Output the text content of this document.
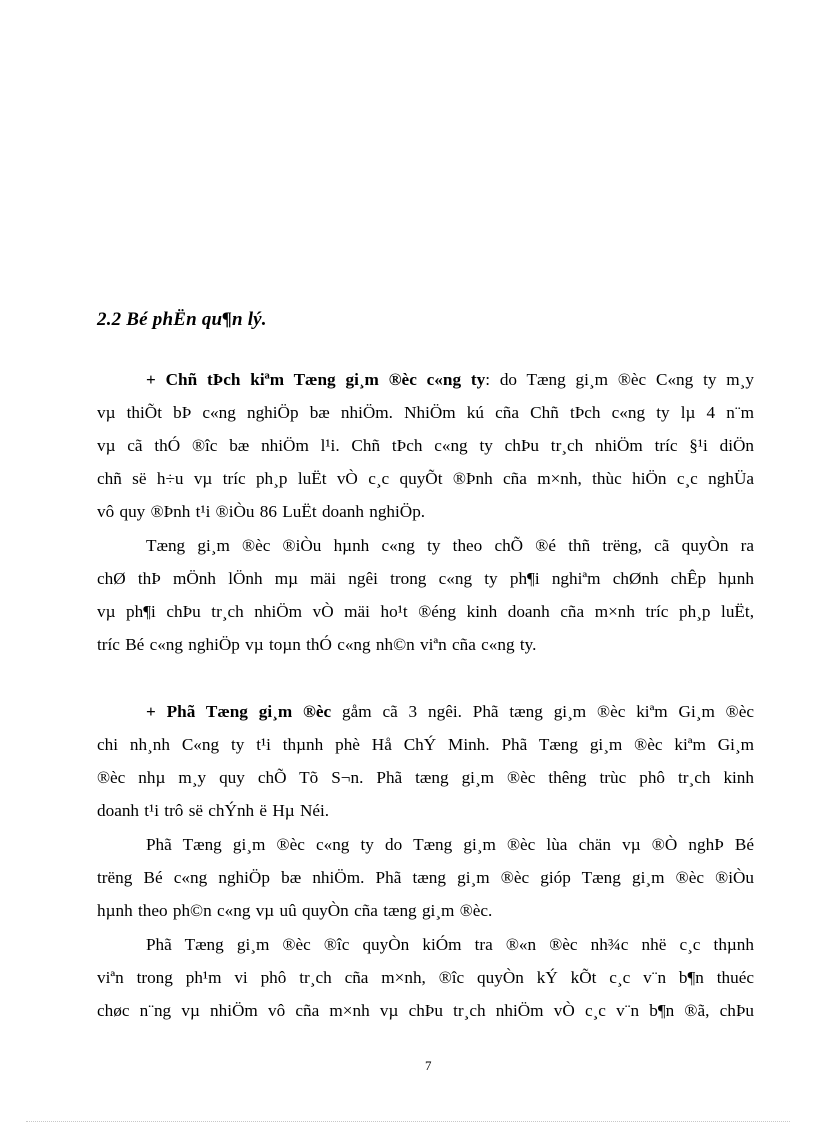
2.2 Bé phËn qu¶n lý.
+ Chñ tÞch kiªm Tæng gi¸m ®èc c«ng ty: do Tæng gi¸m ®èc C«ng ty m¸y
vµ thiÕt bÞ c«ng nghiÖp bæ nhiÖm. NhiÖm kú cña Chñ tÞch c«ng ty lµ 4 n¨m
vµ cã thÓ ®îc bæ nhiÖm l¹i. Chñ tÞch c«ng ty chÞu tr¸ch nhiÖm tríc §¹i diÖn
chñ së h÷u vµ tríc ph¸p luËt vÒ c¸c quyÕt ®Þnh cña m×nh, thùc hiÖn c¸c nghÜa
vô quy ®Þnh t¹i ®iÒu 86 LuËt doanh nghiÖp.
Tæng gi¸m ®èc ®iÒu hµnh c«ng ty theo chÕ ®é thñ trëng, cã quyÒn ra
chØ thÞ mÖnh lÖnh mµ mäi ngêi trong c«ng ty ph¶i nghiªm chØnh chÊp hµnh
vµ ph¶i chÞu tr¸ch nhiÖm vÒ mäi ho¹t ®éng kinh doanh cña m×nh tríc ph¸p luËt,
tríc Bé c«ng nghiÖp vµ toµn thÓ c«ng nh©n viªn cña c«ng ty.
+ Phã Tæng gi¸m ®èc gåm cã 3 ngêi. Phã tæng gi¸m ®èc kiªm Gi¸m ®èc
chi nh¸nh C«ng ty t¹i thµnh phè Hå ChÝ Minh. Phã Tæng gi¸m ®èc kiªm Gi¸m
®èc nhµ m¸y quy chÕ Tõ S¬n. Phã tæng gi¸m ®èc thêng trùc phô tr¸ch kinh
doanh t¹i trô së chÝnh ë Hµ Néi.
Phã Tæng gi¸m ®èc c«ng ty do Tæng gi¸m ®èc lùa chän vµ ®Ò nghÞ Bé
trëng Bé c«ng nghiÖp bæ nhiÖm. Phã tæng gi¸m ®èc gióp Tæng gi¸m ®èc ®iÒu
hµnh theo ph©n c«ng vµ uû quyÒn cña tæng gi¸m ®èc.
Phã Tæng gi¸m ®èc ®îc quyÒn kiÓm tra ®«n ®èc nh¾c nhë c¸c thµnh
viªn trong ph¹m vi phô tr¸ch cña m×nh, ®îc quyÒn kÝ kÕt c¸c v¨n b¶n thuéc
chøc n¨ng vµ nhiÖm vô cña m×nh vµ chÞu tr¸ch nhiÖm vÒ c¸c v¨n b¶n ®ã, chÞu
7
